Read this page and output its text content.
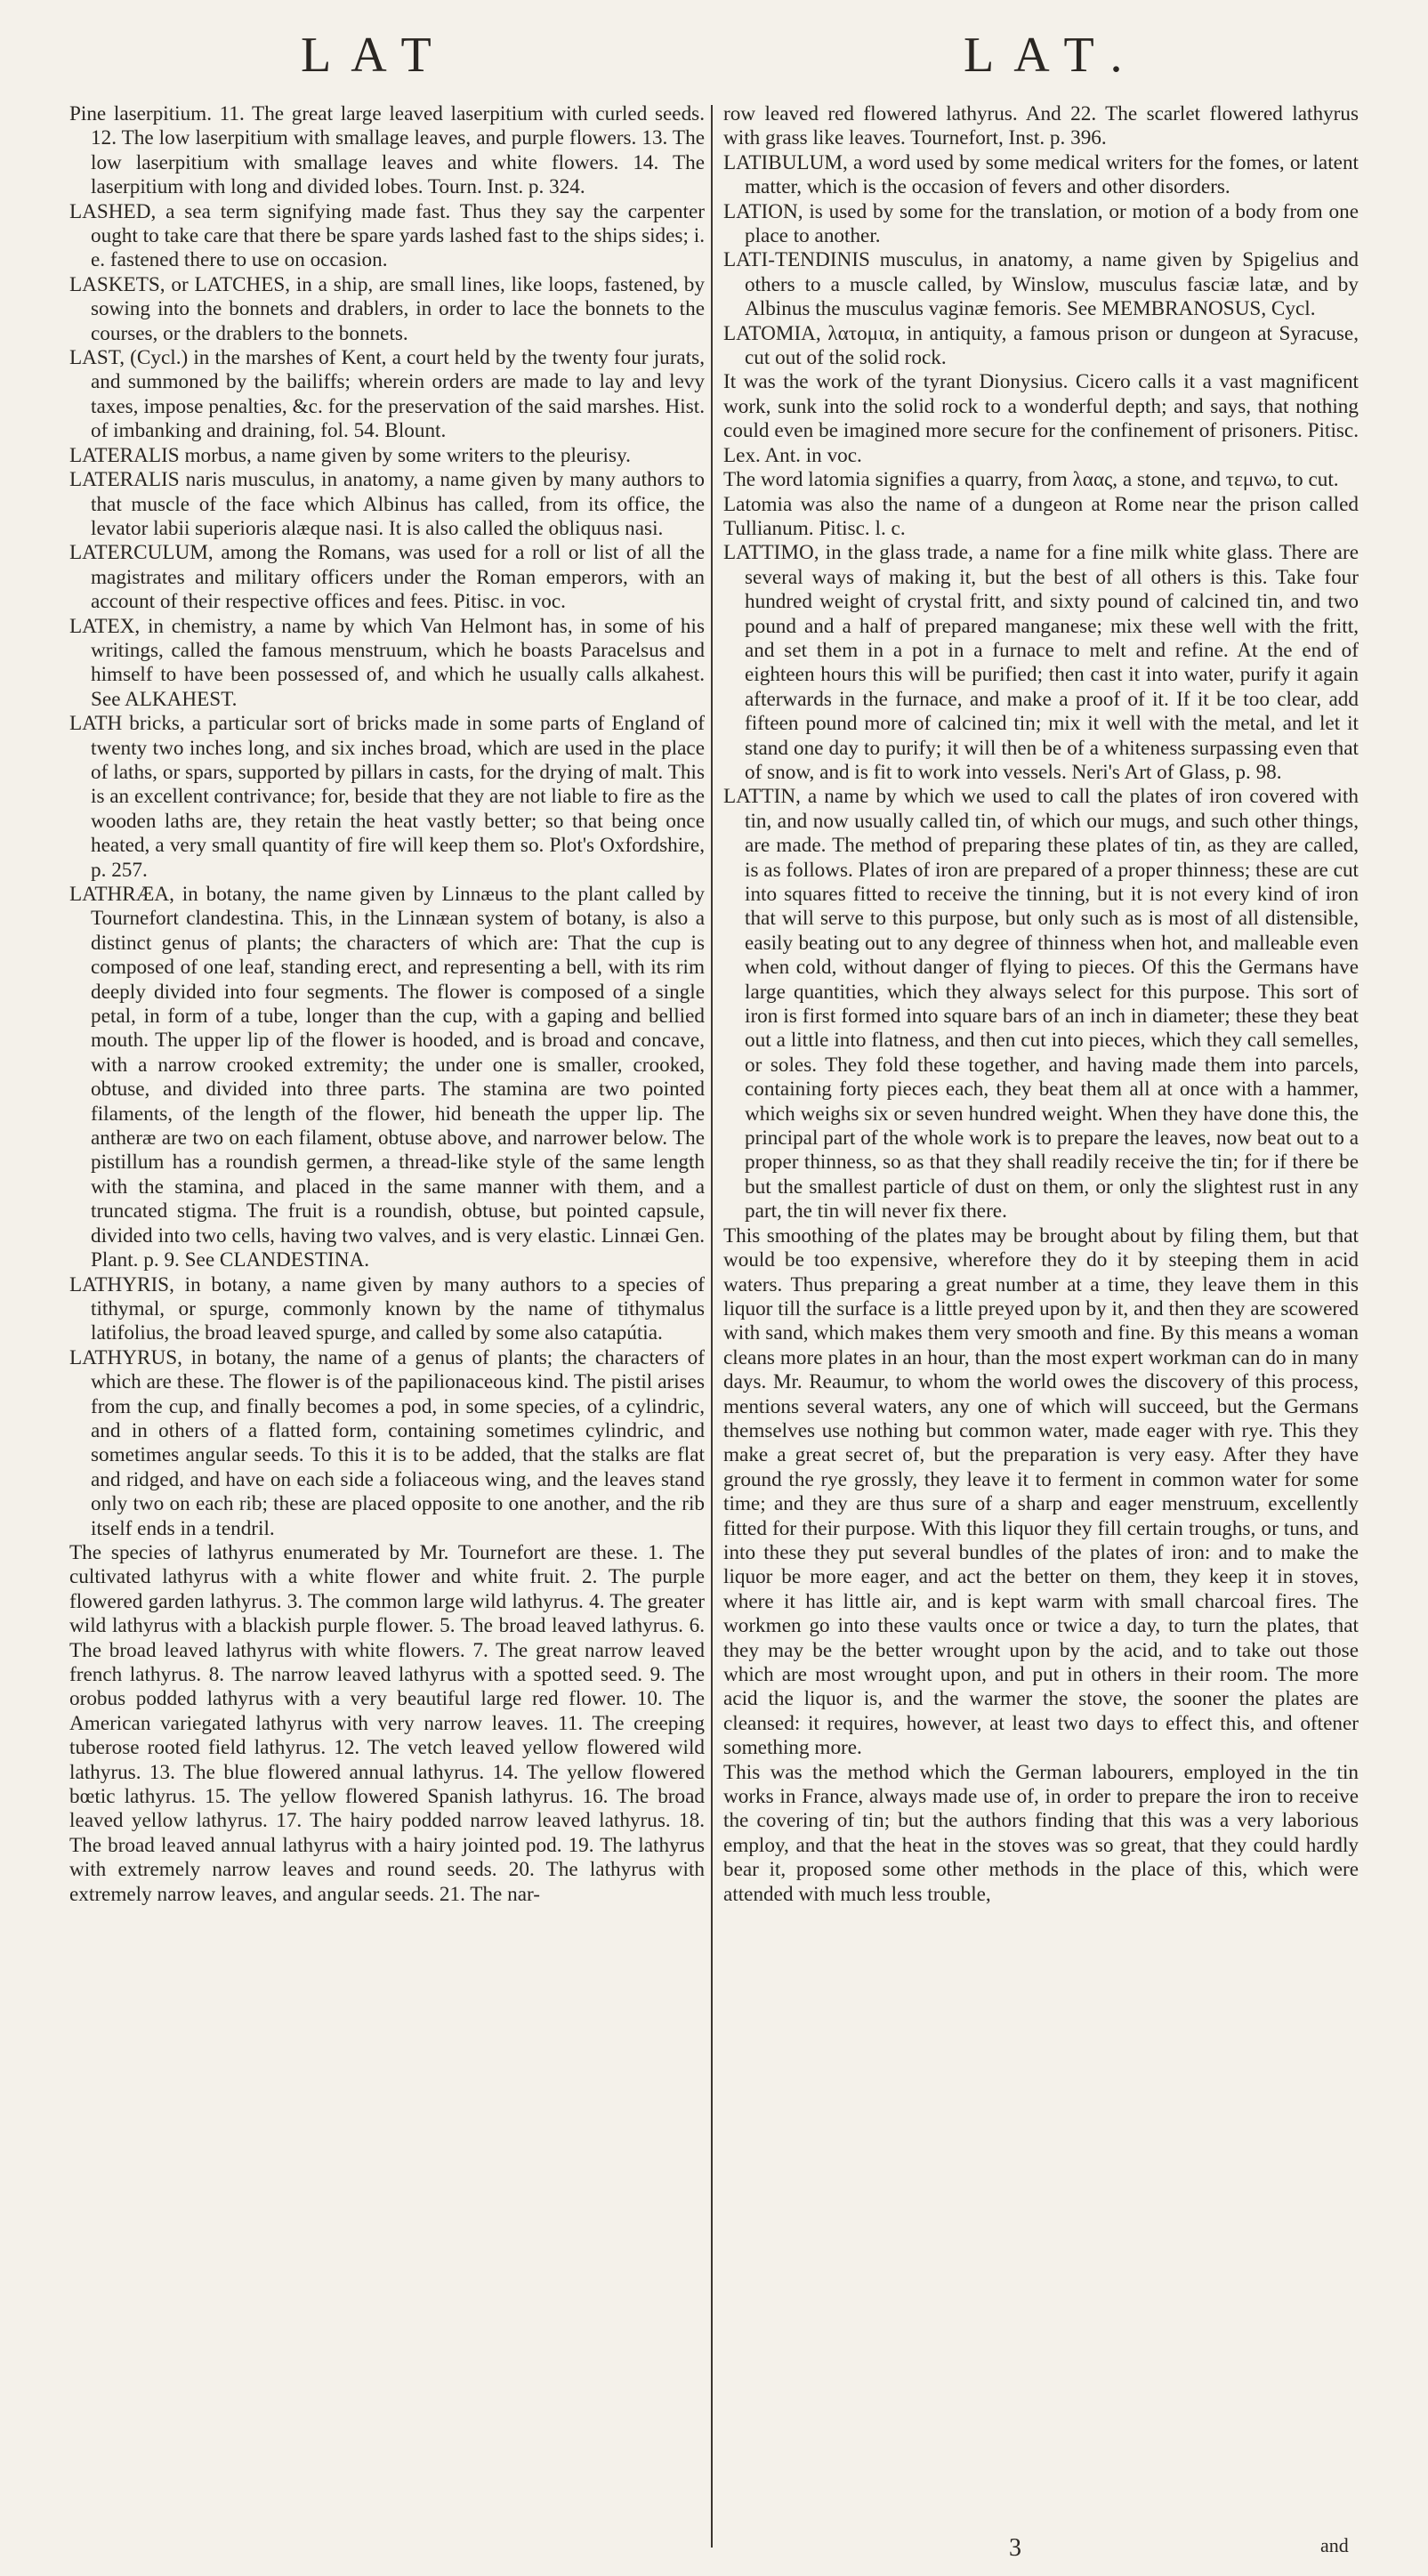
LAT	LAT.

Pine laserpitium. 11. The great large leaved laserpitium with curled seeds. 12. The low laserpitium with smallage leaves, and purple flowers. 13. The low laserpitium with smallage leaves and white flowers. 14. The laserpitium with long and divided lobes. Tourn. Inst. p. 324.

LASHED, a sea term signifying made fast. Thus they say the carpenter ought to take care that there be spare yards lashed fast to the ships sides; i. e. fastened there to use on occasion.

LASKETS, or LATCHES, in a ship, are small lines, like loops, fastened, by sowing into the bonnets and drablers, in order to lace the bonnets to the courses, or the drablers to the bonnets.

LAST, (Cycl.) in the marshes of Kent, a court held by the twenty four jurats, and summoned by the bailiffs; wherein orders are made to lay and levy taxes, impose penalties, &c. for the preservation of the said marshes. Hist. of imbanking and draining, fol. 54. Blount.

LATERALIS morbus, a name given by some writers to the pleurisy.

LATERALIS naris musculus, in anatomy, a name given by many authors to that muscle of the face which Albinus has called, from its office, the levator labii superioris alæque nasi. It is also called the obliquus nasi.

LATERCULUM, among the Romans, was used for a roll or list of all the magistrates and military officers under the Roman emperors, with an account of their respective offices and fees. Pitisc. in voc.

LATEX, in chemistry, a name by which Van Helmont has, in some of his writings, called the famous menstruum, which he boasts Paracelsus and himself to have been possessed of, and which he usually calls alkahest. See ALKAHEST.

LATH bricks, a particular sort of bricks made in some parts of England of twenty two inches long, and six inches broad, which are used in the place of laths, or spars, supported by pillars in casts, for the drying of malt. This is an excellent contrivance; for, beside that they are not liable to fire as the wooden laths are, they retain the heat vastly better; so that being once heated, a very small quantity of fire will keep them so. Plot's Oxfordshire, p. 257.

LATHRÆA, in botany, the name given by Linnæus to the plant called by Tournefort clandestina. This, in the Linnæan system of botany, is also a distinct genus of plants; the characters of which are: That the cup is composed of one leaf, standing erect, and representing a bell, with its rim deeply divided into four segments. The flower is composed of a single petal, in form of a tube, longer than the cup, with a gaping and bellied mouth. The upper lip of the flower is hooded, and is broad and concave, with a narrow crooked extremity; the under one is smaller, crooked, obtuse, and divided into three parts. The stamina are two pointed filaments, of the length of the flower, hid beneath the upper lip. The antheræ are two on each filament, obtuse above, and narrower below. The pistillum has a roundish germen, a thread-like style of the same length with the stamina, and placed in the same manner with them, and a truncated stigma. The fruit is a roundish, obtuse, but pointed capsule, divided into two cells, having two valves, and is very elastic. Linnæi Gen. Plant. p. 9. See CLANDESTINA.

LATHYRIS, in botany, a name given by many authors to a species of tithymal, or spurge, commonly known by the name of tithymalus latifolius, the broad leaved spurge, and called by some also catapútia.

LATHYRUS, in botany, the name of a genus of plants; the characters of which are these. The flower is of the papilionaceous kind. The pistil arises from the cup, and finally becomes a pod, in some species, of a cylindric, and in others of a flatted form, containing sometimes cylindric, and sometimes angular seeds. To this it is to be added, that the stalks are flat and ridged, and have on each side a foliaceous wing, and the leaves stand only two on each rib; these are placed opposite to one another, and the rib itself ends in a tendril.

The species of lathyrus enumerated by Mr. Tournefort are these. 1. The cultivated lathyrus with a white flower and white fruit. 2. The purple flowered garden lathyrus. 3. The common large wild lathyrus. 4. The greater wild lathyrus with a blackish purple flower. 5. The broad leaved lathyrus. 6. The broad leaved lathyrus with white flowers. 7. The great narrow leaved french lathyrus. 8. The narrow leaved lathyrus with a spotted seed. 9. The orobus podded lathyrus with a very beautiful large red flower. 10. The American variegated lathyrus with very narrow leaves. 11. The creeping tuberose rooted field lathyrus. 12. The vetch leaved yellow flowered wild lathyrus. 13. The blue flowered annual lathyrus. 14. The yellow flowered bœtic lathyrus. 15. The yellow flowered Spanish lathyrus. 16. The broad leaved yellow lathyrus. 17. The hairy podded narrow leaved lathyrus. 18. The broad leaved annual lathyrus with a hairy jointed pod. 19. The lathyrus with extremely narrow leaves and round seeds. 20. The lathyrus with extremely narrow leaves, and angular seeds. 21. The nar-

row leaved red flowered lathyrus. And 22. The scarlet flowered lathyrus with grass like leaves. Tournefort, Inst. p. 396.

LATIBULUM, a word used by some medical writers for the fomes, or latent matter, which is the occasion of fevers and other disorders.

LATION, is used by some for the translation, or motion of a body from one place to another.

LATI-TENDINIS musculus, in anatomy, a name given by Spigelius and others to a muscle called, by Winslow, musculus fasciæ latæ, and by Albinus the musculus vaginæ femoris. See MEMBRANOSUS, Cycl.

LATOMIA, λατομια, in antiquity, a famous prison or dungeon at Syracuse, cut out of the solid rock.

It was the work of the tyrant Dionysius. Cicero calls it a vast magnificent work, sunk into the solid rock to a wonderful depth; and says, that nothing could even be imagined more secure for the confinement of prisoners. Pitisc. Lex. Ant. in voc.

The word latomia signifies a quarry, from λαας, a stone, and τεμνω, to cut.

Latomia was also the name of a dungeon at Rome near the prison called Tullianum. Pitisc. l. c.

LATTIMO, in the glass trade, a name for a fine milk white glass. There are several ways of making it, but the best of all others is this. Take four hundred weight of crystal fritt, and sixty pound of calcined tin, and two pound and a half of prepared manganese; mix these well with the fritt, and set them in a pot in a furnace to melt and refine. At the end of eighteen hours this will be purified; then cast it into water, purify it again afterwards in the furnace, and make a proof of it. If it be too clear, add fifteen pound more of calcined tin; mix it well with the metal, and let it stand one day to purify; it will then be of a whiteness surpassing even that of snow, and is fit to work into vessels. Neri's Art of Glass, p. 98.

LATTIN, a name by which we used to call the plates of iron covered with tin, and now usually called tin, of which our mugs, and such other things, are made. The method of preparing these plates of tin, as they are called, is as follows. Plates of iron are prepared of a proper thinness; these are cut into squares fitted to receive the tinning, but it is not every kind of iron that will serve to this purpose, but only such as is most of all distensible, easily beating out to any degree of thinness when hot, and malleable even when cold, without danger of flying to pieces. Of this the Germans have large quantities, which they always select for this purpose. This sort of iron is first formed into square bars of an inch in diameter; these they beat out a little into flatness, and then cut into pieces, which they call semelles, or soles. They fold these together, and having made them into parcels, containing forty pieces each, they beat them all at once with a hammer, which weighs six or seven hundred weight. When they have done this, the principal part of the whole work is to prepare the leaves, now beat out to a proper thinness, so as that they shall readily receive the tin; for if there be but the smallest particle of dust on them, or only the slightest rust in any part, the tin will never fix there.

This smoothing of the plates may be brought about by filing them, but that would be too expensive, wherefore they do it by steeping them in acid waters. Thus preparing a great number at a time, they leave them in this liquor till the surface is a little preyed upon by it, and then they are scowered with sand, which makes them very smooth and fine. By this means a woman cleans more plates in an hour, than the most expert workman can do in many days. Mr. Reaumur, to whom the world owes the discovery of this process, mentions several waters, any one of which will succeed, but the Germans themselves use nothing but common water, made eager with rye. This they make a great secret of, but the preparation is very easy. After they have ground the rye grossly, they leave it to ferment in common water for some time; and they are thus sure of a sharp and eager menstruum, excellently fitted for their purpose. With this liquor they fill certain troughs, or tuns, and into these they put several bundles of the plates of iron: and to make the liquor be more eager, and act the better on them, they keep it in stoves, where it has little air, and is kept warm with small charcoal fires. The workmen go into these vaults once or twice a day, to turn the plates, that they may be the better wrought upon by the acid, and to take out those which are most wrought upon, and put in others in their room. The more acid the liquor is, and the warmer the stove, the sooner the plates are cleansed: it requires, however, at least two days to effect this, and oftener something more.

This was the method which the German labourers, employed in the tin works in France, always made use of, in order to prepare the iron to receive the covering of tin; but the authors finding that this was a very laborious employ, and that the heat in the stoves was so great, that they could hardly bear it, proposed some other methods in the place of this, which were attended with much less trouble,

3	and
